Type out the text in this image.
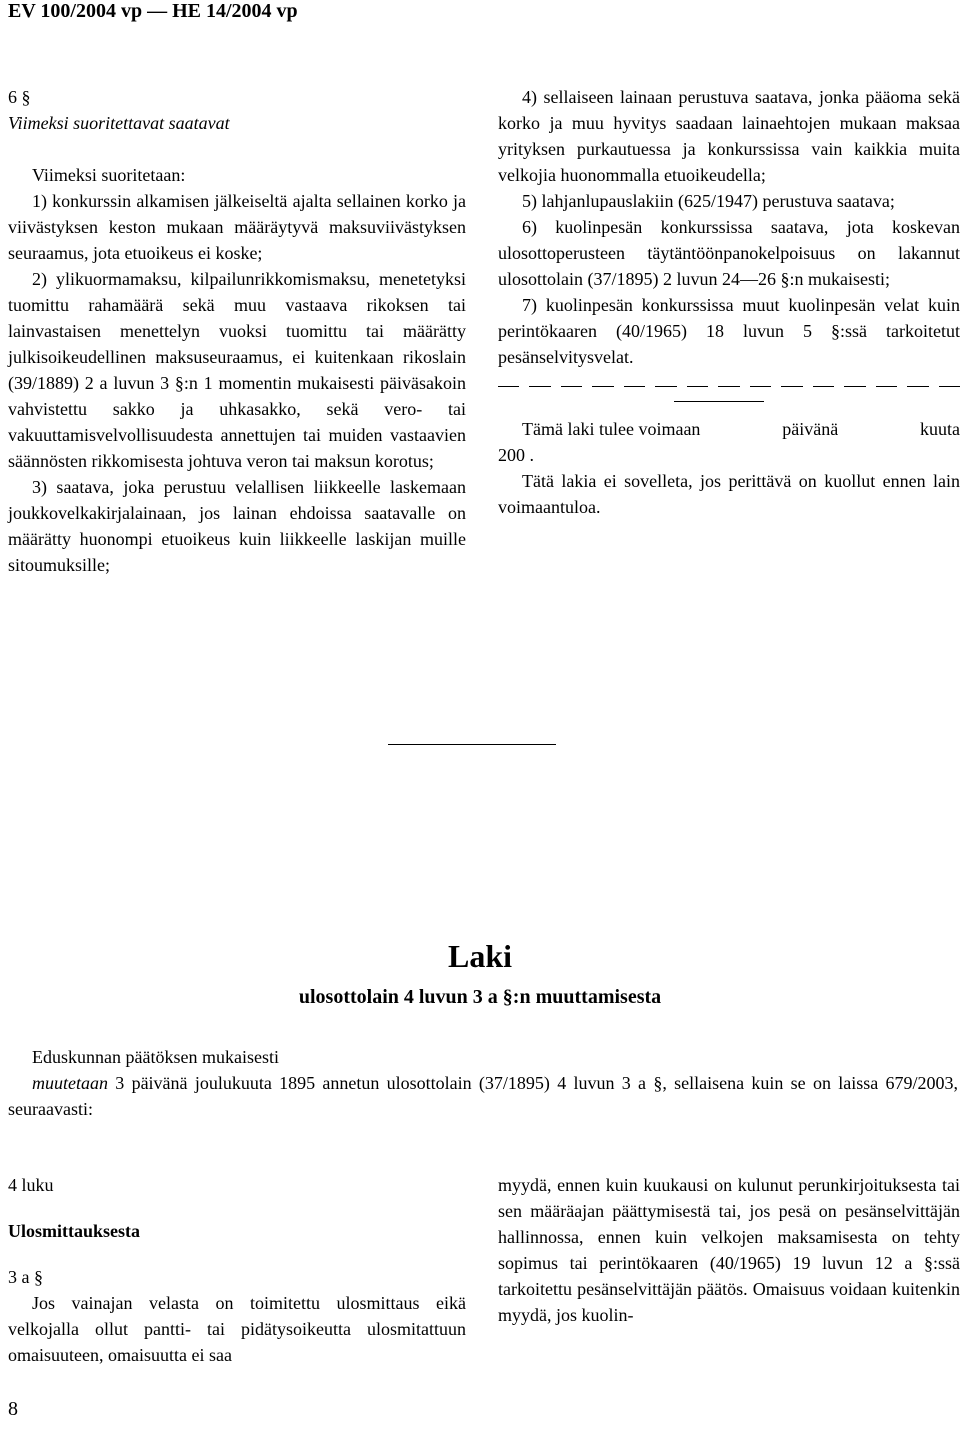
EV 100/2004 vp — HE 14/2004 vp

6 §

Viimeksi suoritettavat saatavat

Viimeksi suoritetaan:

1) konkurssin alkamisen jälkeiseltä ajalta sellainen korko ja viivästyksen keston mukaan määräytyvä maksuviivästyksen seuraamus, jota etuoikeus ei koske;

2) ylikuormamaksu, kilpailunrikkomismaksu, menetetyksi tuomittu rahamäärä sekä muu vastaava rikoksen tai lainvastaisen menettelyn vuoksi tuomittu tai määrätty julkisoikeudellinen maksuseuraamus, ei kuitenkaan rikoslain (39/1889) 2 a luvun 3 §:n 1 momentin mukaisesti päiväsakoin vahvistettu sakko ja uhkasakko, sekä vero- tai vakuuttamisvelvollisuudesta annettujen tai muiden vastaavien säännösten rikkomisesta johtuva veron tai maksun korotus;

3) saatava, joka perustuu velallisen liikkeelle laskemaan joukkovelkakirjalainaan, jos lainan ehdoissa saatavalle on määrätty huonompi etuoikeus kuin liikkeelle laskijan muille sitoumuksille;

4) sellaiseen lainaan perustuva saatava, jonka pääoma sekä korko ja muu hyvitys saadaan lainaehtojen mukaan maksaa yrityksen purkautuessa ja konkurssissa vain kaikkia muita velkojia huonommalla etuoikeudella;

5) lahjanlupauslakiin (625/1947) perustuva saatava;

6) kuolinpesän konkurssissa saatava, jota koskevan ulosottoperusteen täytäntöönpanokelpoisuus on lakannut ulosottolain (37/1895) 2 luvun 24—26 §:n mukaisesti;

7) kuolinpesän konkurssissa muut kuolinpesän velat kuin perintökaaren (40/1965) 18 luvun 5 §:ssä tarkoitetut pesänselvitysvelat.

Tämä laki tulee voimaan	päivänä	kuuta

200 .

Tätä lakia ei sovelleta, jos perittävä on kuollut ennen lain voimaantuloa.

Laki
ulosottolain 4 luvun 3 a §:n muuttamisesta

Eduskunnan päätöksen mukaisesti

muutetaan 3 päivänä joulukuuta 1895 annetun ulosottolain (37/1895) 4 luvun 3 a §, sellaisena kuin se on laissa 679/2003, seuraavasti:

4 luku

Ulosmittauksesta

3 a §

Jos vainajan velasta on toimitettu ulosmittaus eikä velkojalla ollut pantti- tai pidätysoikeutta ulosmitattuun omaisuuteen, omaisuutta ei saa

myydä, ennen kuin kuukausi on kulunut perunkirjoituksesta tai sen määräajan päättymisestä tai, jos pesä on pesänselvittäjän hallinnossa, ennen kuin velkojen maksamisesta on tehty sopimus tai perintökaaren (40/1965) 19 luvun 12 a §:ssä tarkoitettu pesänselvittäjän päätös. Omaisuus voidaan kuitenkin myydä, jos kuolin-

8
